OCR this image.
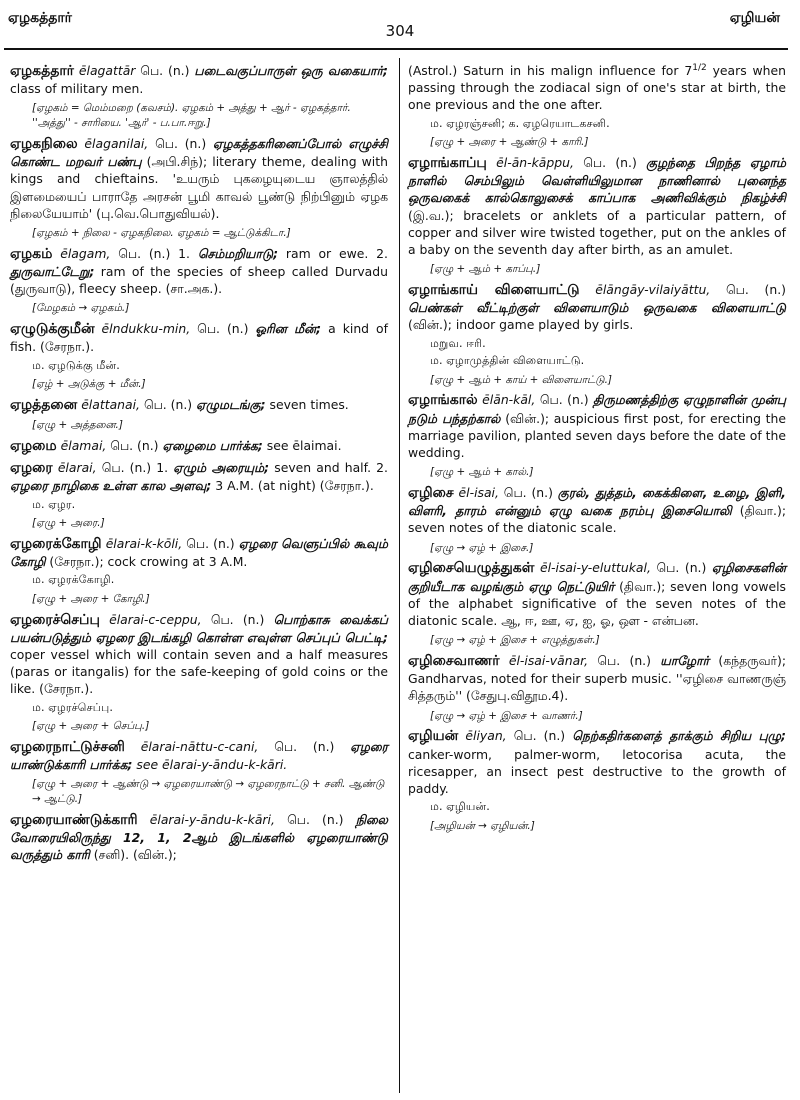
ஏழகத்தார்
304
ஏழியன்

ஏழகத்தார் ēlagattār பெ. (n.) படைவகுப்பாருள் ஒரு வகையார்; class of military men.

[ஏழகம் = மெம்மறை (கவசம்). ஏழகம் + அத்து + ஆர் - ஏழகத்தார். ''அத்து'' - சாரியை. 'ஆர்' - ப.பா.ஈறு.]

ஏழகநிலை ēlaganilai, பெ. (n.) ஏழகத்தகரினைப்போல் எழுச்சி கொண்ட மறவர் பண்பு (அபி.சிந்); literary theme, dealing with kings and chieftains. 'உயரும் புகழையுடைய ஞாலத்தில் இளமையைப் பாராதே அரசன் பூமி காவல் பூண்டு நிற்பினும் ஏழக நிலையேயாம்' (பு.வெ.பொதுவியல்).

[ஏழகம் + நிலை - ஏழகநிலை. ஏழகம் = ஆட்டுக்கிடா.]

ஏழகம் ēlagam, பெ. (n.) 1. செம்மறியாடு; ram or ewe. 2. துருவாட்டேறு; ram of the species of sheep called Durvadu (துருவாடு), fleecy sheep. (சா.அக.).

[மேழகம் → ஏழகம்.]

ஏழுடுக்குமீன் ēlndukku-min, பெ. (n.) ஓரின மீன்; a kind of fish. (சேரநா.).

ம. ஏழடுக்கு மீன்.

[ஏழ் + அடுக்கு + மீன்.]

ஏழத்தனை ēlattanai, பெ. (n.) ஏழுமடங்கு; seven times.

[ஏழு + அத்தனை.]

ஏழமை ēlamai, பெ. (n.) ஏழைமை பார்க்க; see ēlaimai.

ஏழரை ēlarai, பெ. (n.) 1. ஏழும் அரையும்; seven and half. 2. ஏழரை நாழிகை உள்ள கால அளவு; 3 A.M. (at night) (சேரநா.).

ம. ஏழர.

[ஏழு + அரை.]

ஏழரைக்கோழி ēlarai-k-kōli, பெ. (n.) ஏழரை வெளுப்பில் கூவும் கோழி (சேரநா.); cock crowing at 3 A.M.

ம. ஏழரக்கோழி.

[ஏழு + அரை + கோழி.]

ஏழரைச்செப்பு ēlarai-c-ceppu, பெ. (n.) பொற்காசு வைக்கப் பயன்படுத்தும் ஏழரை இடங்கழி கொள்ள எவுள்ள செப்புப் பெட்டி; coper vessel which will contain seven and a half measures (paras or itangalis) for the safe-keeping of gold coins or the like. (சேரநா.).

ம. ஏழரச்செப்பு.

[ஏழு + அரை + செப்பு.]

ஏழரைநாட்டுச்சனி ēlarai-nāttu-c-cani, பெ. (n.) ஏழரை யாண்டுக்காரி பார்க்க; see ēlarai-y-āndu-k-kāri.

[ஏழு + அரை + ஆண்டு → ஏழரையாண்டு → ஏழரைநாட்டு + சனி. ஆண்டு → ஆட்டு.]

ஏழரையாண்டுக்காரி ēlarai-y-āndu-k-kāri, பெ. (n.) நிலை வோரையிலிருந்து 12, 1, 2ஆம் இடங்களில் ஏழரையாண்டு வருத்தும் காரி (சனி). (வின்.);

(Astrol.) Saturn in his malign influence for $7^{1/2}$ years when passing through the zodiacal sign of one's star at birth, the one previous and the one after.

ம. ஏழரஞ்சனி; க. ஏழரெயாடகசனி.

[ஏழு + அரை + ஆண்டு + காரி.]

ஏழாங்காப்பு ēl-ān-kāppu, பெ. (n.) குழந்தை பிறந்த ஏழாம் நாளில் செம்பிலும் வெள்ளியிலுமான நாணினால் புனைந்த ஒருவகைக் கால்கொலுசைக் காப்பாக அணிவிக்கும் நிகழ்ச்சி (இ.வ.); bracelets or anklets of a particular pattern, of copper and silver wire twisted together, put on the ankles of a baby on the seventh day after birth, as an amulet.

[ஏழு + ஆம் + காப்பு.]

ஏழாங்காய் விளையாட்டு ēlāngāy-vilaiyāttu, பெ. (n.) பெண்கள் வீட்டிற்குள் விளையாடும் ஒருவகை விளையாட்டு (வின்.); indoor game played by girls.

மறுவ. ஈரி.

ம. ஏழாமுத்தின் விளையாட்டு.

[ஏழு + ஆம் + காய் + விளையாட்டு.]

ஏழாங்கால் ēlān-kāl, பெ. (n.) திருமணத்திற்கு ஏழுநாளின் முன்பு நடும் பந்தற்கால் (வின்.); auspicious first post, for erecting the marriage pavilion, planted seven days before the date of the wedding.

[ஏழு + ஆம் + கால்.]

ஏழிசை ēl-isai, பெ. (n.) குரல், துத்தம், கைக்கிளை, உழை, இளி, விளரி, தாரம் என்னும் ஏழு வகை நரம்பு இசையொலி (திவா.); seven notes of the diatonic scale.

[ஏழு → ஏழ் + இசை.]

ஏழிசையெழுத்துகள் ēl-isai-y-eluttukal, பெ. (n.) ஏழிசைகளின் குறியீடாக வழங்கும் ஏழு நெட்டுயிர் (திவா.); seven long vowels of the alphabet significative of the seven notes of the diatonic scale. ஆ, ஈ, ஊ, ஏ, ஐ, ஓ, ஔ - என்பன.

[ஏழு → ஏழ் + இசை + எழுத்துகள்.]

ஏழிசைவாணர் ēl-isai-vānar, பெ. (n.) யாழோர் (கந்தருவர்); Gandharvas, noted for their superb music. ''ஏழிசை வாணருஞ் சித்தரும்'' (சேதுபு.விதூம.4).

[ஏழு → ஏழ் + இசை + வாணர்.]

ஏழியன் ēliyan, பெ. (n.) நெற்கதிர்களைத் தாக்கும் சிறிய புழு; canker-worm, palmer-worm, letocorisa acuta, the ricesapper, an insect pest destructive to the growth of paddy.

ம. ஏழியன்.

[அழியன் → ஏழியன்.]
